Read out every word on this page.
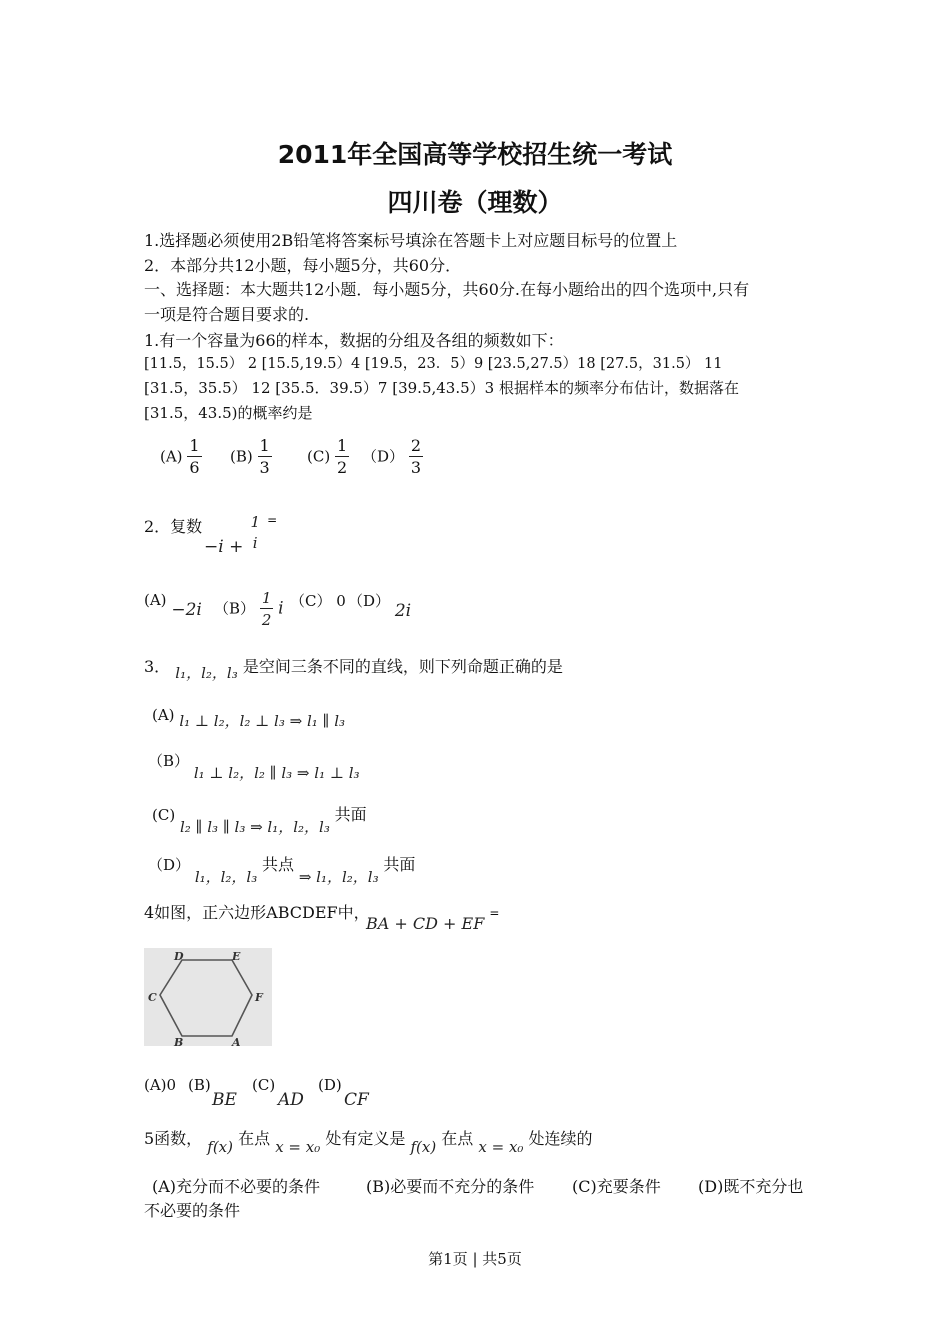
2011年全国高等学校招生统一考试
四川卷（理数）
1.选择题必须使用2B铅笔将答案标号填涂在答题卡上对应题目标号的位置上
2．本部分共12小题，每小题5分，共60分．
一、选择题：本大题共12小题．每小题5分，共60分.在每小题给出的四个选项中,只有
一项是符合题目要求的.
1.有一个容量为66的样本，数据的分组及各组的频数如下：
[11.5，15.5） 2 [15.5,19.5）4 [19.5，23．5）9 [23.5,27.5）18 [27.5，31.5） 11
[31.5，35.5） 12 [35.5．39.5）7 [39.5,43.5）3 根据样本的频率分布估计，数据落在
[31.5，43.5)的概率约是
$(A) \frac{1}{6} (B) \frac{1}{3} (C) \frac{1}{2} (D) \frac{2}{3}$
2．复数
−i +
1
i
=
(A) −2i $(B) \frac{1}{2}$ i （C） 0 （D） 2i
3． l₁，l₂，l₃ 是空间三条不同的直线，则下列命题正确的是
(A) l₁ ⊥ l₂，l₂ ⊥ l₃ ⇒ l₁ ∥ l₃
（B） l₁ ⊥ l₂，l₂ ∥ l₃ ⇒ l₁ ⊥ l₃
(C) l₂ ∥ l₃ ∥ l₃ ⇒ l₁，l₂，l₃ 共面
（D） l₁，l₂，l₃ 共点 ⇒ l₁，l₂，l₃ 共面
4如图，正六边形ABCDEF中，
BA + CD + EF =
D	E
C	F
B	A
(A)0 (B)
BE
(C)
AD
(D)
CF
5函数， f(x) 在点 x = x₀ 处有定义是 f(x) 在点 x = x₀ 处连续的
(A)充分而不必要的条件	(B)必要而不充分的条件 (C)充要条件 (D)既不充分也
不必要的条件
第1页 | 共5页
